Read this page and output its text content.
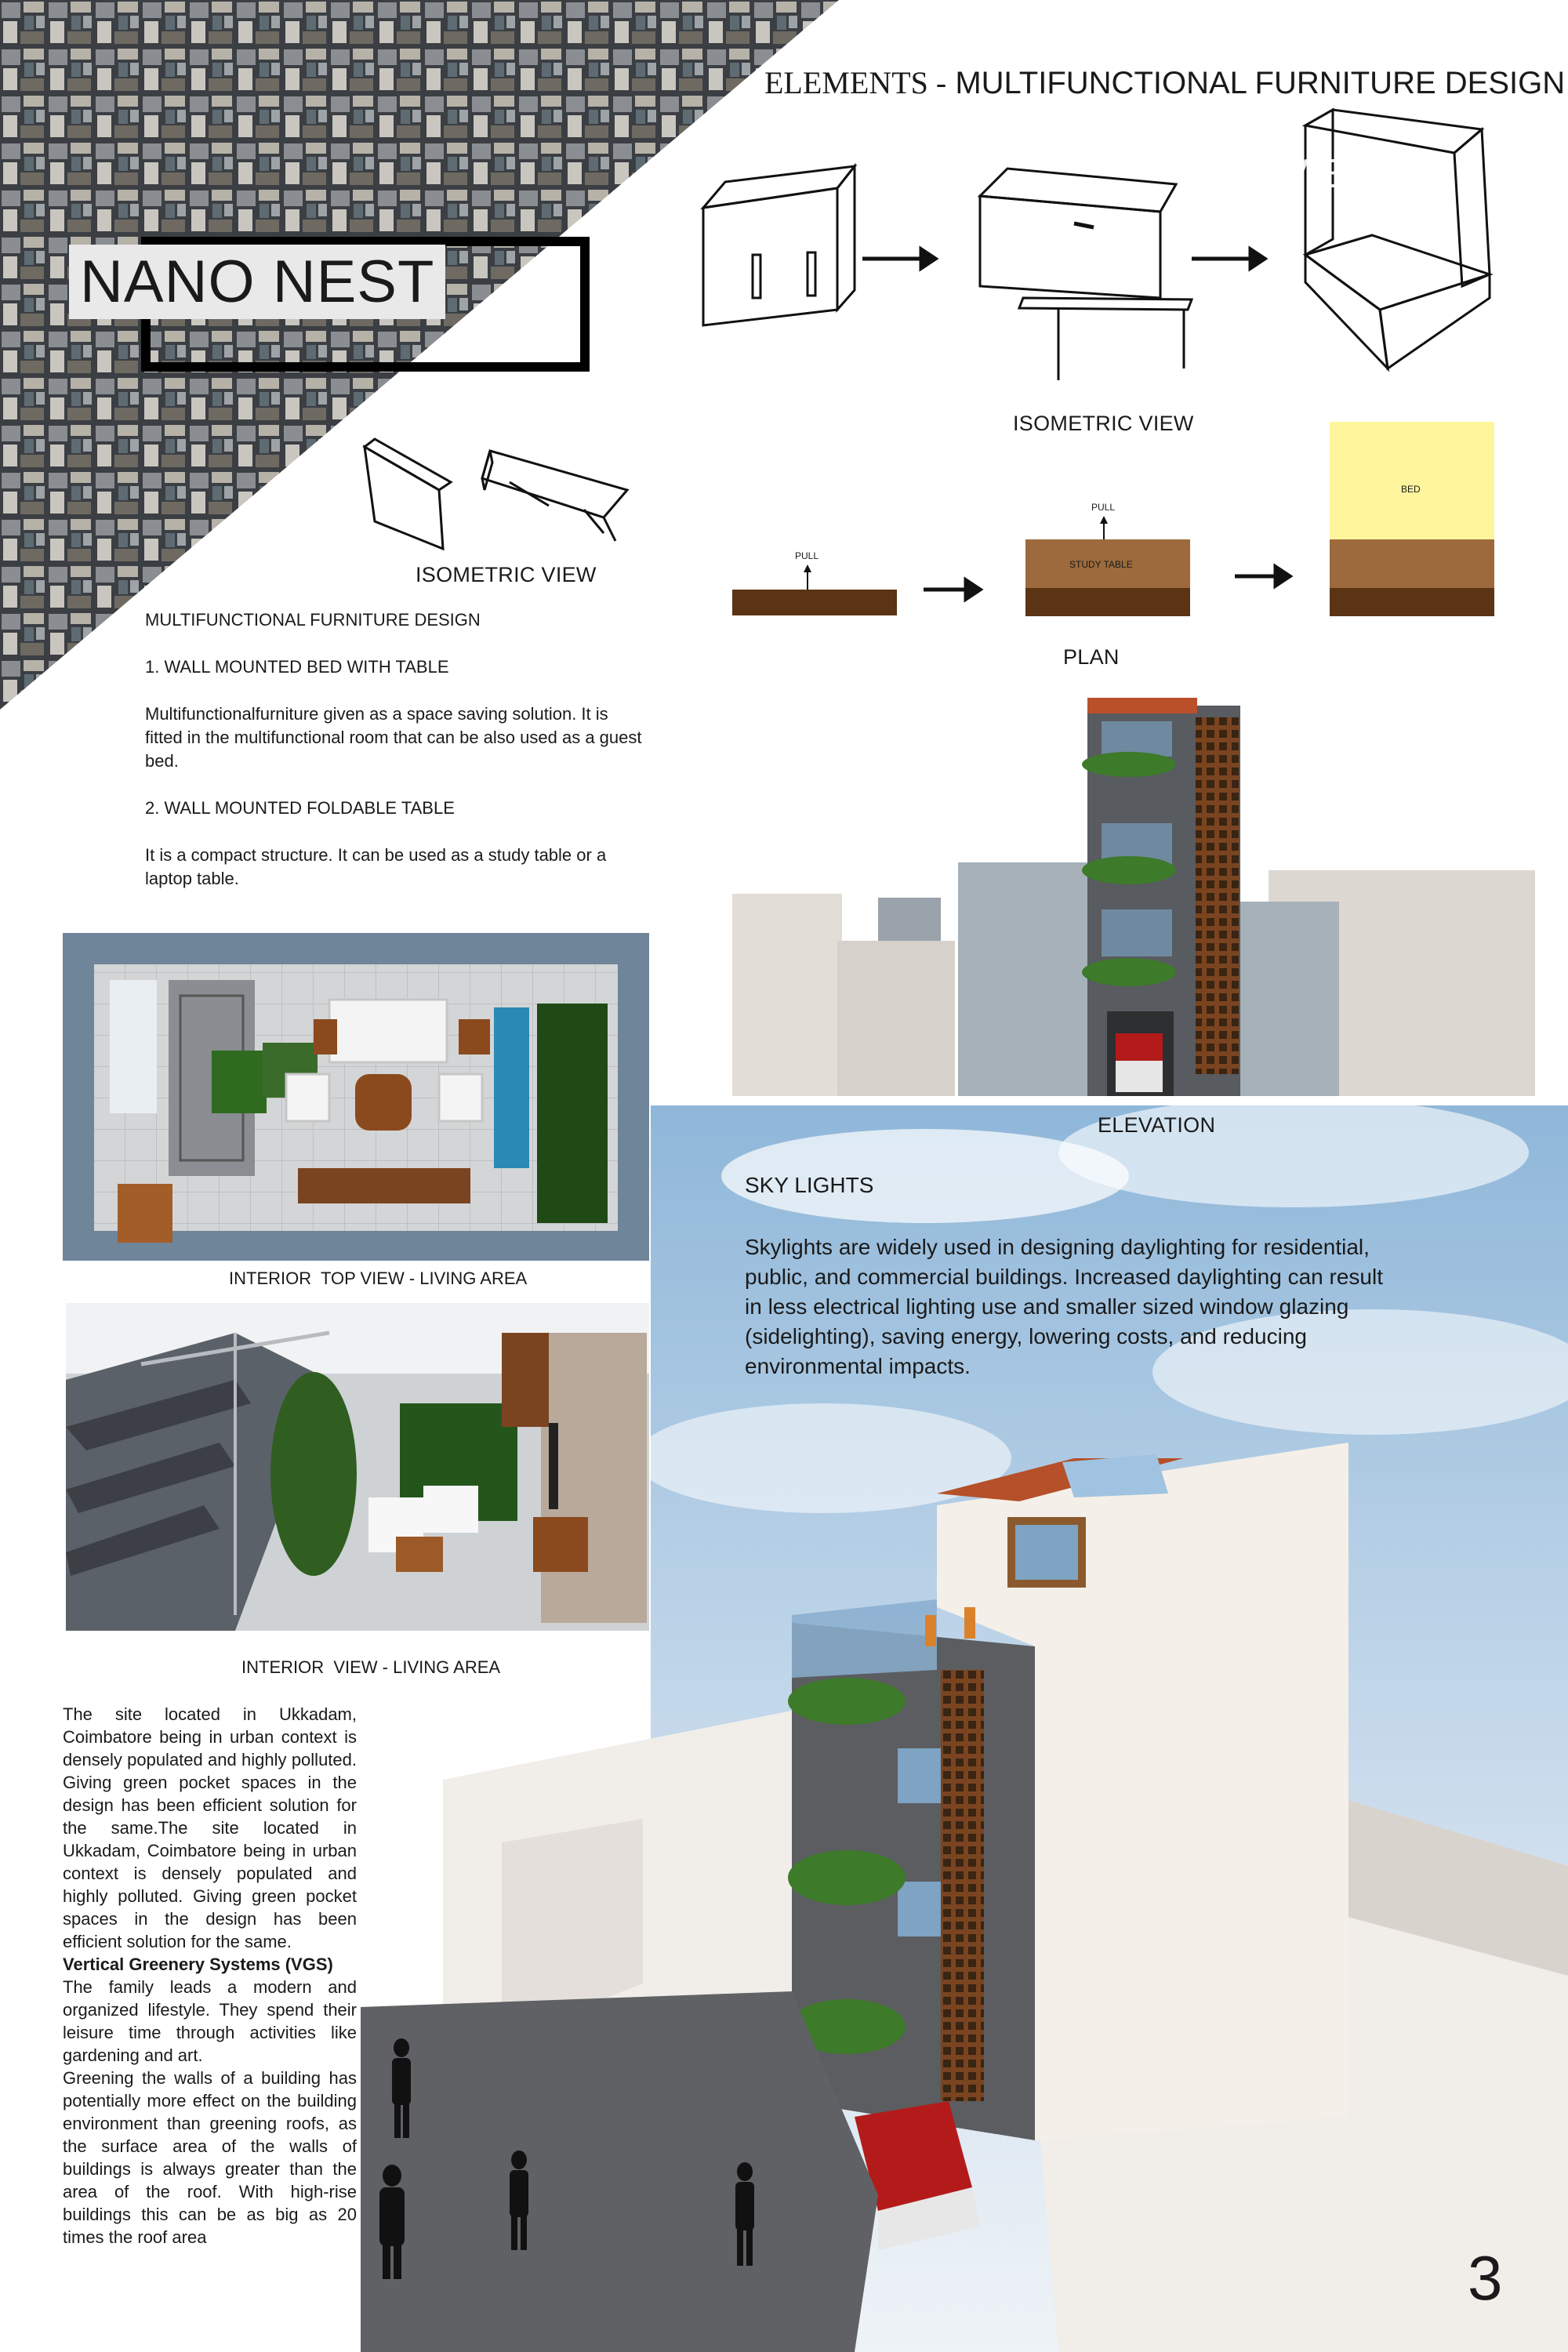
ELEMENTS - MULTIFUNCTIONAL FURNITURE DESIGN
VIEWS
NANO NEST
ISOMETRIC VIEW
ISOMETRIC VIEW
PLAN
PULL
PULL
STUDY TABLE
BED
MULTIFUNCTIONAL FURNITURE DESIGN
1. WALL MOUNTED BED WITH TABLE
Multifunctionalfurniture given as a space saving solution. It is fitted in the multifunctional room that can be also used as a guest bed.
2. WALL MOUNTED FOLDABLE TABLE
It is a compact structure. It can be used as a study table or a laptop table.
INTERIOR  TOP VIEW - LIVING AREA
INTERIOR  VIEW - LIVING AREA
ELEVATION
SKY LIGHTS
Skylights are widely used in designing daylighting for residential, public, and commercial buildings. Increased daylighting can result in less electrical lighting use and smaller sized window glazing (sidelighting), saving energy, lowering costs, and reducing environmental impacts.
The site located in Ukkadam, Coimbatore being in urban context is densely populated and highly polluted. Giving green pocket spaces in the design has been efficient solution for the same.The site located in Ukkadam, Coimbatore being in urban context is densely populated and highly polluted. Giving green pocket spaces in the design has been efficient solution for the same.
Vertical Greenery Systems (VGS)
The family leads a modern and organized lifestyle. They spend their leisure time through activities like gardening and art.
Greening the walls of a building has potentially more effect on the building environment than greening roofs, as the surface area of the walls of buildings is always greater than the area of the roof. With high-rise buildings this can be as big as 20 times the roof area
3
